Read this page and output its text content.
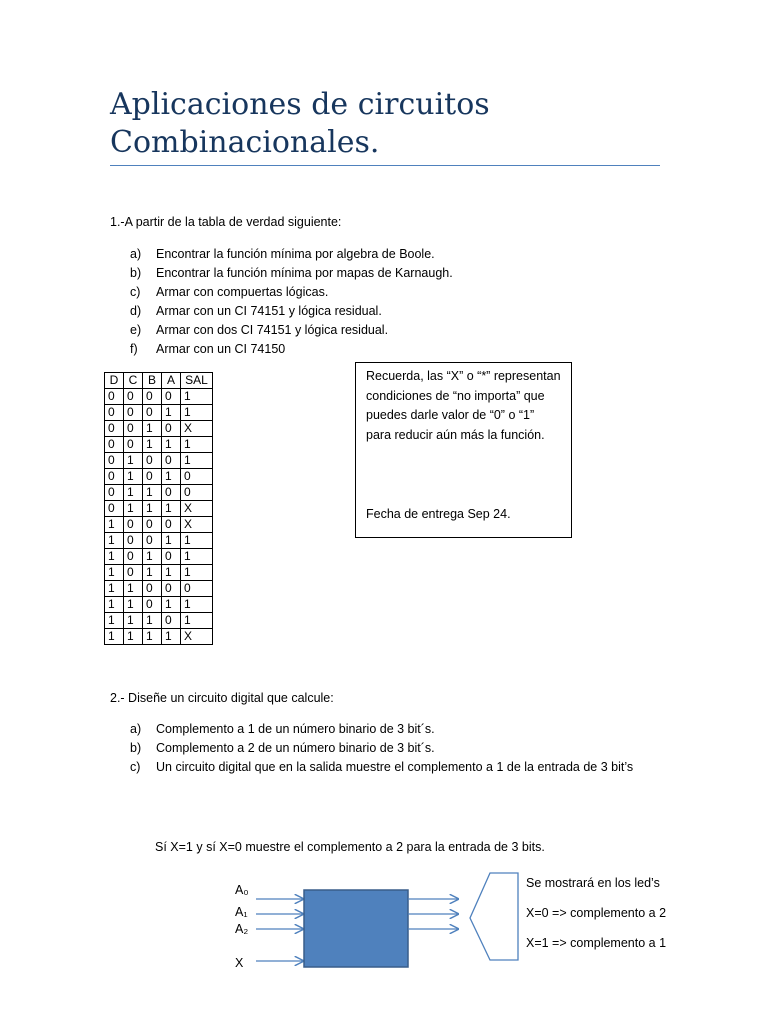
Aplicaciones de circuitos
Combinacionales.
1.-A partir de la tabla de verdad siguiente:
a) Encontrar la función mínima por algebra de Boole.
b) Encontrar la función mínima por mapas de Karnaugh.
c) Armar con compuertas lógicas.
d) Armar con un CI 74151 y lógica residual.
e) Armar con dos CI 74151 y lógica residual.
f) Armar con un CI 74150
D	C	B	A	SAL
0	0	0	0	1
0	0	0	1	1
0	0	1	0	X
0	0	1	1	1
0	1	0	0	1
0	1	0	1	0
0	1	1	0	0
0	1	1	1	X
1	0	0	0	X
1	0	0	1	1
1	0	1	0	1
1	0	1	1	1
1	1	0	0	0
1	1	0	1	1
1	1	1	0	1
1	1	1	1	X
Recuerda, las “X” o “*” representan condiciones de “no importa” que puedes darle valor de “0” o “1” para reducir aún más la función.
Fecha de entrega Sep 24.
2.- Diseñe un circuito digital que calcule:
a) Complemento a 1 de un número binario de 3 bit´s.
b) Complemento a 2 de un número binario de 3 bit´s.
c) Un circuito digital que en la salida muestre el complemento a 1 de la entrada de 3 bit’s
Sí X=1 y sí X=0 muestre el complemento a 2 para la entrada de 3 bits.
A₀
A₁
A₂
X
Se mostrará en los led’s
X=0 => complemento a 2
X=1 => complemento a 1
